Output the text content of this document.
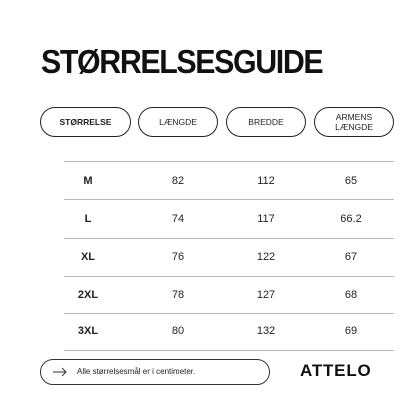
STØRRELSESGUIDE
STØRRELSE	LÆNGDE	BREDDE	ARMENS
LÆNGDE
M	82	112	65
L	74	117	66.2
XL	76	122	67
2XL	78	127	68
3XL	80	132	69
Alle størrelsesmål er i centimeter.	ATTELO
